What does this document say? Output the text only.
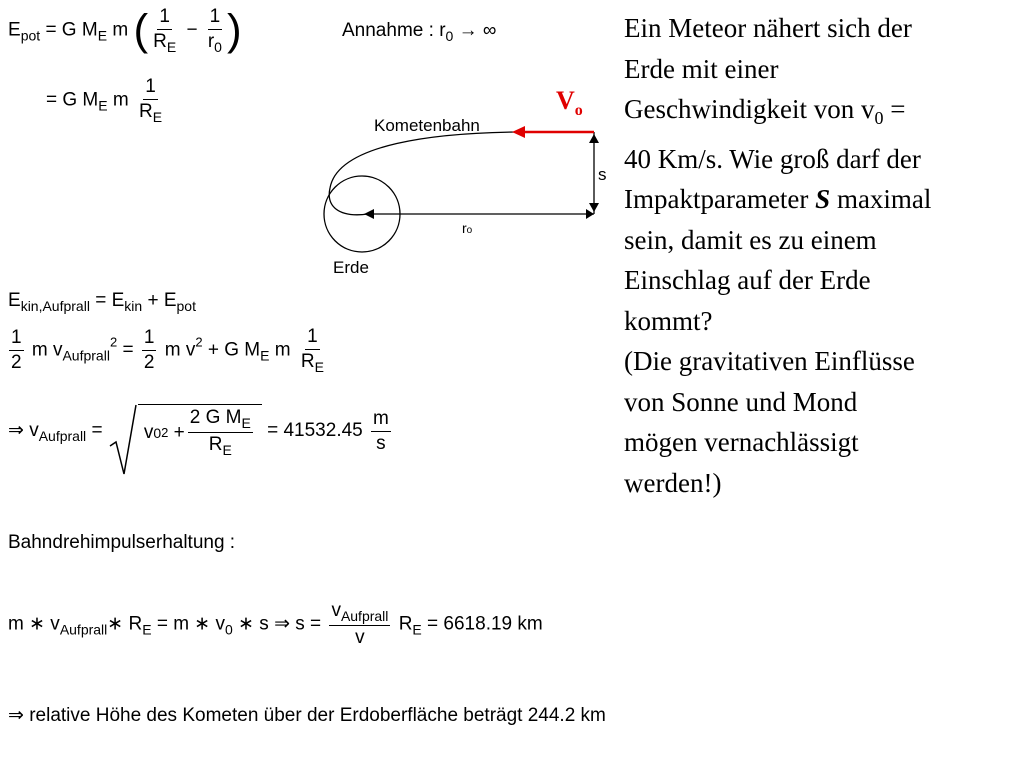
$E_{pot} = G$ $M_E$ m ( $\frac{1}{R_E} - \frac{1}{r_0}$ )	Annahme : $r_0$ → ∞
= G $M_E$ m $\frac{1}{R_E}$	$V_o$
Kometenbahn
s
ro
Erde
$E_{kin,Aufprall} = E_{kin} + E_{pot}$
$\frac{1}{2}$ m $v_{Aufprall}^2 = \frac{1}{2}$ m $v^2 + G$ $M_E$ m $\frac{1}{R_E}$
⇒ $v_{Aufprall} = v$ 0 $2 + \frac{2 G M_E}{R_E} = 41532.45 \frac{m}{s}$
Bahndrehimpulserhaltung :
m ∗ $v_{Aufprall}∗$ $R_E = m$ ∗ $v_0$ ∗ s ⇒ $s = \frac{v_{Aufprall}}{v} R_E = 6618.19$ km
⇒ relative Höhe des Kometen über der Erdoberfläche beträgt 244.2 km
Ein Meteor nähert sich der
Erde mit einer
Geschwindigkeit von $v_0$ =
40 Km/s. Wie groß darf der
Impaktparameter S maximal
sein, damit es zu einem
Einschlag auf der Erde
kommt?
(Die gravitativen Einflüsse
von Sonne und Mond
mögen vernachlässigt
werden!)
